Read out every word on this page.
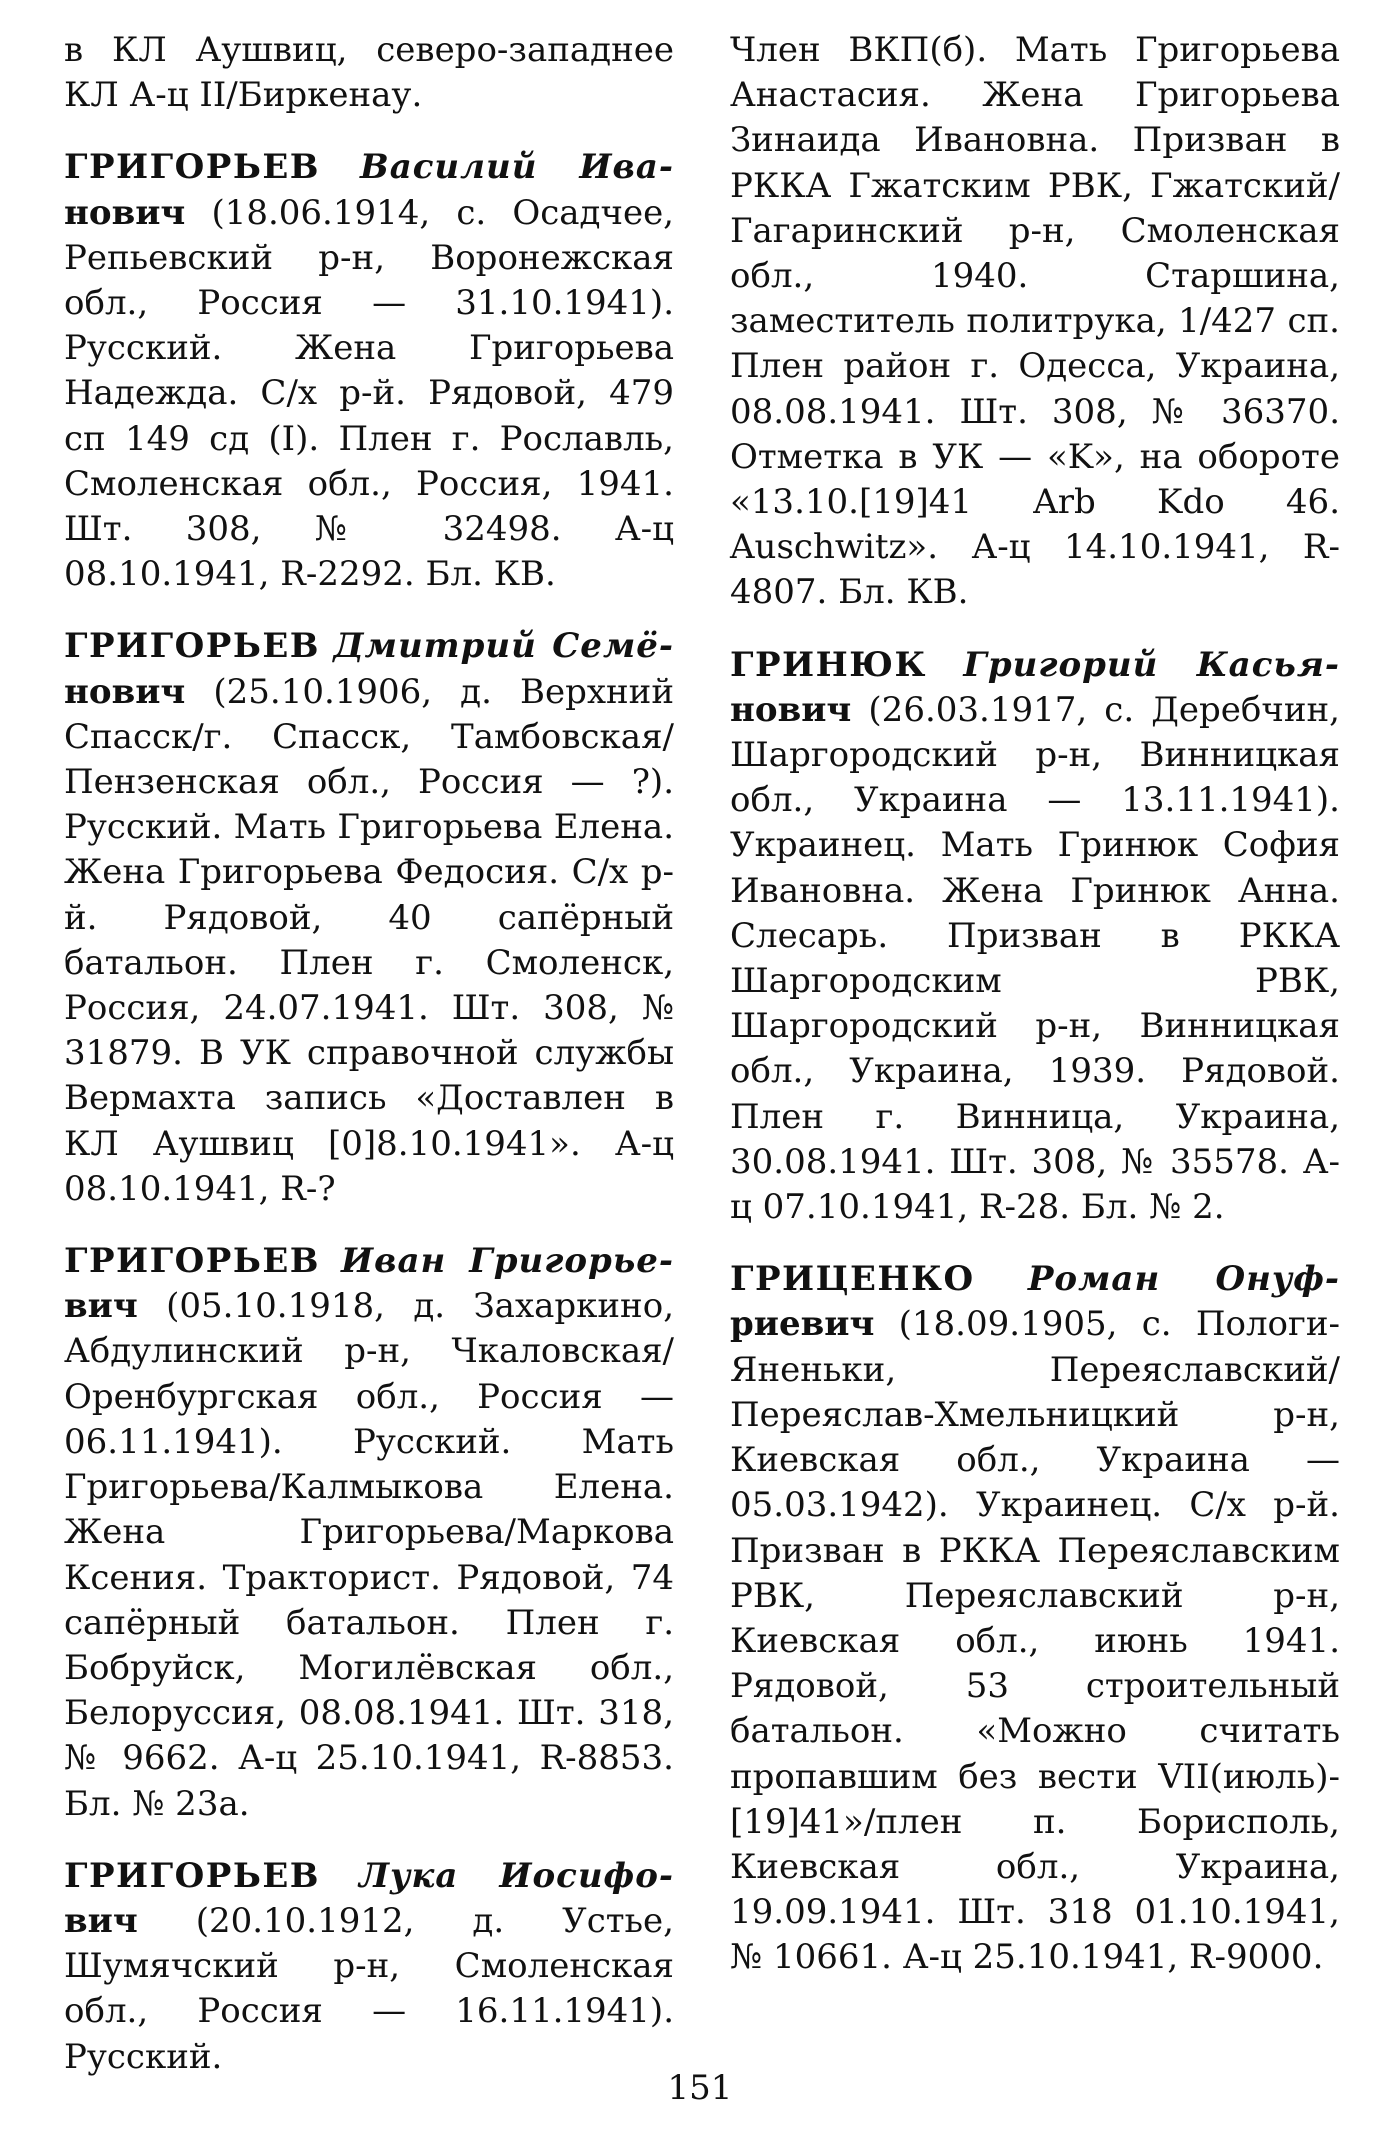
в КЛ Аушвиц, северо-западнее КЛ А-ц II/Биркенау.

ГРИГОРЬЕВ Василий Ива- нович (18.06.1914, с. Осадчее, Репьевский р-н, Воронежская обл., Россия — 31.10.1941). Русский. Жена Григорьева Надежда. С/х р-й. Рядовой, 479 сп 149 сд (I). Плен г. Рославль, Смоленская обл., Россия, 1941. Шт. 308, № 32498. А-ц 08.10.1941, R-2292. Бл. КВ.

ГРИГОРЬЕВ Дмитрий Семё- нович (25.10.1906, д. Верхний Спасск/г. Спасск, Тамбовская/Пензенская обл., Россия — ?). Русский. Мать Григорьева Елена. Жена Григорьева Федосия. С/х р-й. Рядовой, 40 сапёрный батальон. Плен г. Смоленск, Россия, 24.07.1941. Шт. 308, № 31879. В УК справочной службы Вермахта запись «Доставлен в КЛ Аушвиц [0]8.10.1941». А-ц 08.10.1941, R-?

ГРИГОРЬЕВ Иван Григорье- вич (05.10.1918, д. Захаркино, Абдулинский р-н, Чкаловская/Оренбургская обл., Россия — 06.11.1941). Русский. Мать Григорьева/Калмыкова Елена. Жена Григорьева/Маркова Ксения. Тракторист. Рядовой, 74 сапёрный батальон. Плен г. Бобруйск, Могилёвская обл., Белоруссия, 08.08.1941. Шт. 318, № 9662. А-ц 25.10.1941, R-8853. Бл. № 23а.

ГРИГОРЬЕВ Лука Иосифо- вич (20.10.1912, д. Устье, Шумячский р-н, Смоленская обл., Россия — 16.11.1941). Русский.

Член ВКП(б). Мать Григорьева Анастасия. Жена Григорьева Зинаида Ивановна. Призван в РККА Гжатским РВК, Гжатский/Гагаринский р-н, Смоленская обл., 1940. Старшина, заместитель политрука, 1/427 сп. Плен район г. Одесса, Украина, 08.08.1941. Шт. 308, № 36370. Отметка в УК — «K», на обороте «13.10.[19]41 Arb Kdo 46. Auschwitz». А-ц 14.10.1941, R-4807. Бл. КВ.

ГРИНЮК Григорий Касья- нович (26.03.1917, с. Деребчин, Шаргородский р-н, Винницкая обл., Украина — 13.11.1941). Украинец. Мать Гринюк София Ивановна. Жена Гринюк Анна. Слесарь. Призван в РККА Шаргородским РВК, Шаргородский р-н, Винницкая обл., Украина, 1939. Рядовой. Плен г. Винница, Украина, 30.08.1941. Шт. 308, № 35578. А-ц 07.10.1941, R-28. Бл. № 2.

ГРИЦЕНКО Роман Онуф- риевич (18.09.1905, с. Пологи-Яненьки, Переяславский/Переяслав-Хмельницкий р-н, Киевская обл., Украина — 05.03.1942). Украинец. С/х р-й. Призван в РККА Переяславским РВК, Переяславский р-н, Киевская обл., июнь 1941. Рядовой, 53 строительный батальон. «Можно считать пропавшим без вести VII(июль)-[19]41»/плен п. Борисполь, Киевская обл., Украина, 19.09.1941. Шт. 318 01.10.1941, № 10661. А-ц 25.10.1941, R-9000.

151
